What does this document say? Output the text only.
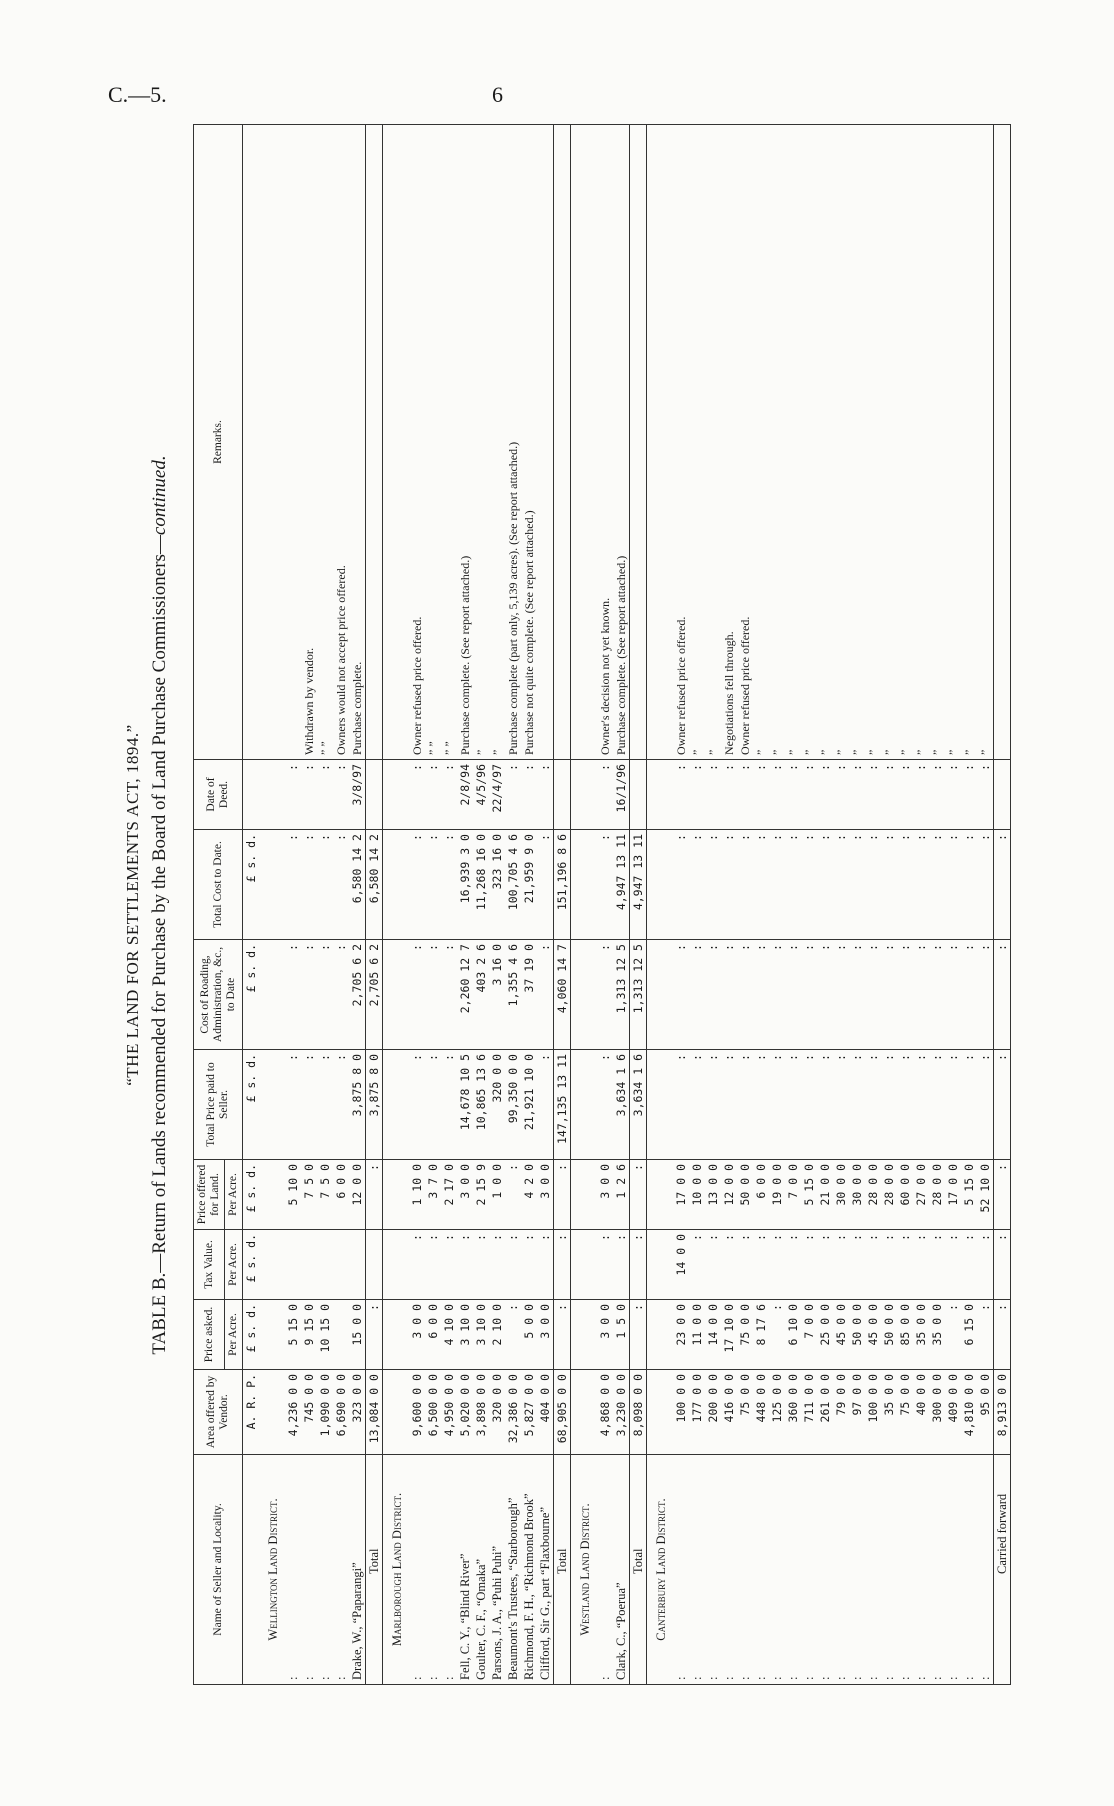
C.—5.	6
“THE LAND FOR SETTLEMENTS ACT, 1894.” TABLE B.—Return of Lands recommended for Purchase by the Board of Land Purchase Commissioners—continued.
Name of Seller and Locality.	Area offered by Vendor.	Price asked.	Tax Value.	Price offered for Land.	Total Price paid to Seller.	Cost of Roading, Administration, &c., to Date	Total Cost to Date.	Date of Deed.	Remarks.
		Per Acre.	Per Acre.	Per Acre.					
	A. R. P.	£ s. d.	£ s. d.	£ s. d.	£ s. d.	£ s. d.	£ s. d.		
Wellington Land District.									
:	4,236 0 0	5 15 0		5 10 0	:	:	:	:	
:	745 0 0	9 15 0		7 5 0	:	:	:	:	Withdrawn by vendor.
:	1,090 0 0	10 15 0		7 5 0	:	:	:	:	” ”
:	6,690 0 0			6 0 0	:	:	:	:	Owners would not accept price offered.
Drake, W., “Paparangi”	323 0 0	15 0 0		12 0 0	3,875 8 0	2,705 6 2	6,580 14 2	3/8/97	Purchase complete.
Total	13,084 0 0	:		:	3,875 8 0	2,705 6 2	6,580 14 2		
Marlborough Land District.									
:	9,600 0 0	3 0 0	:	1 10 0	:	:	:	:	Owner refused price offered.
:	6,500 0 0	6 0 0	:	3 7 0	:	:	:	:	” ”
:	4,950 0 0	4 10 0	:	2 17 0	:	:	:	:	” ”
Fell, C. Y., “Blind River”	5,020 0 0	3 10 0	:	3 0 0	14,678 10 5	2,260 12 7	16,939 3 0	2/8/94	Purchase complete. (See report attached.)
Goulter, C. F., “Omaka”	3,898 0 0	3 10 0	:	2 15 9	10,865 13 6	403 2 6	11,268 16 0	4/5/96	”
Parsons, J. A., “Puhi Puhi”	320 0 0	2 10 0	:	1 0 0	320 0 0	3 16 0	323 16 0	22/4/97	”
Beaumont's Trustees, “Starborough”	32,386 0 0	:	:	:	99,350 0 0	1,355 4 6	100,705 4 6	:	Purchase complete (part only, 5,139 acres). (See report attached.)
Richmond, F. H., “Richmond Brook”	5,827 0 0	5 0 0	:	4 2 0	21,921 10 0	37 19 0	21,959 9 0	:	Purchase not quite complete. (See report attached.)
Clifford, Sir G., part “Flaxbourne”	404 0 0	3 0 0	:	3 0 0	:	:	:	:	
Total	68,905 0 0	:	:	:	147,135 13 11	4,060 14 7	151,196 8 6		
Westland Land District.									
:	4,868 0 0	3 0 0	:	3 0 0	:	:	:	:	Owner's decision not yet known.
Clark, C., “Poerua”	3,230 0 0	1 5 0	:	1 2 6	3,634 1 6	1,313 12 5	4,947 13 11	16/1/96	Purchase complete. (See report attached.)
Total	8,098 0 0	:	:	:	3,634 1 6	1,313 12 5	4,947 13 11		
Canterbury Land District.									
:	100 0 0	23 0 0	14 0 0	17 0 0	:	:	:	:	Owner refused price offered.
:	177 0 0	11 0 0	:	10 0 0	:	:	:	:	”
:	200 0 0	14 0 0	:	13 0 0	:	:	:	:	”
:	416 0 0	17 10 0	:	12 0 0	:	:	:	:	Negotiations fell through.
:	75 0 0	75 0 0	:	50 0 0	:	:	:	:	Owner refused price offered.
:	448 0 0	8 17 6	:	6 0 0	:	:	:	:	”
:	125 0 0	:	:	19 0 0	:	:	:	:	”
:	360 0 0	6 10 0	:	7 0 0	:	:	:	:	”
:	711 0 0	7 0 0	:	5 15 0	:	:	:	:	”
:	261 0 0	25 0 0	:	21 0 0	:	:	:	:	”
:	79 0 0	45 0 0	:	30 0 0	:	:	:	:	”
:	97 0 0	50 0 0	:	30 0 0	:	:	:	:	”
:	100 0 0	45 0 0	:	28 0 0	:	:	:	:	”
:	35 0 0	50 0 0	:	28 0 0	:	:	:	:	”
:	75 0 0	85 0 0	:	60 0 0	:	:	:	:	”
:	40 0 0	35 0 0	:	27 0 0	:	:	:	:	”
:	300 0 0	35 0 0	:	28 0 0	:	:	:	:	”
:	409 0 0	:	:	17 0 0	:	:	:	:	”
:	4,810 0 0	6 15 0	:	5 15 0	:	:	:	:	”
:	95 0 0	:	:	52 10 0	:	:	:	:	”
Carried forward	8,913 0 0	:	:	:	:	:	:		
